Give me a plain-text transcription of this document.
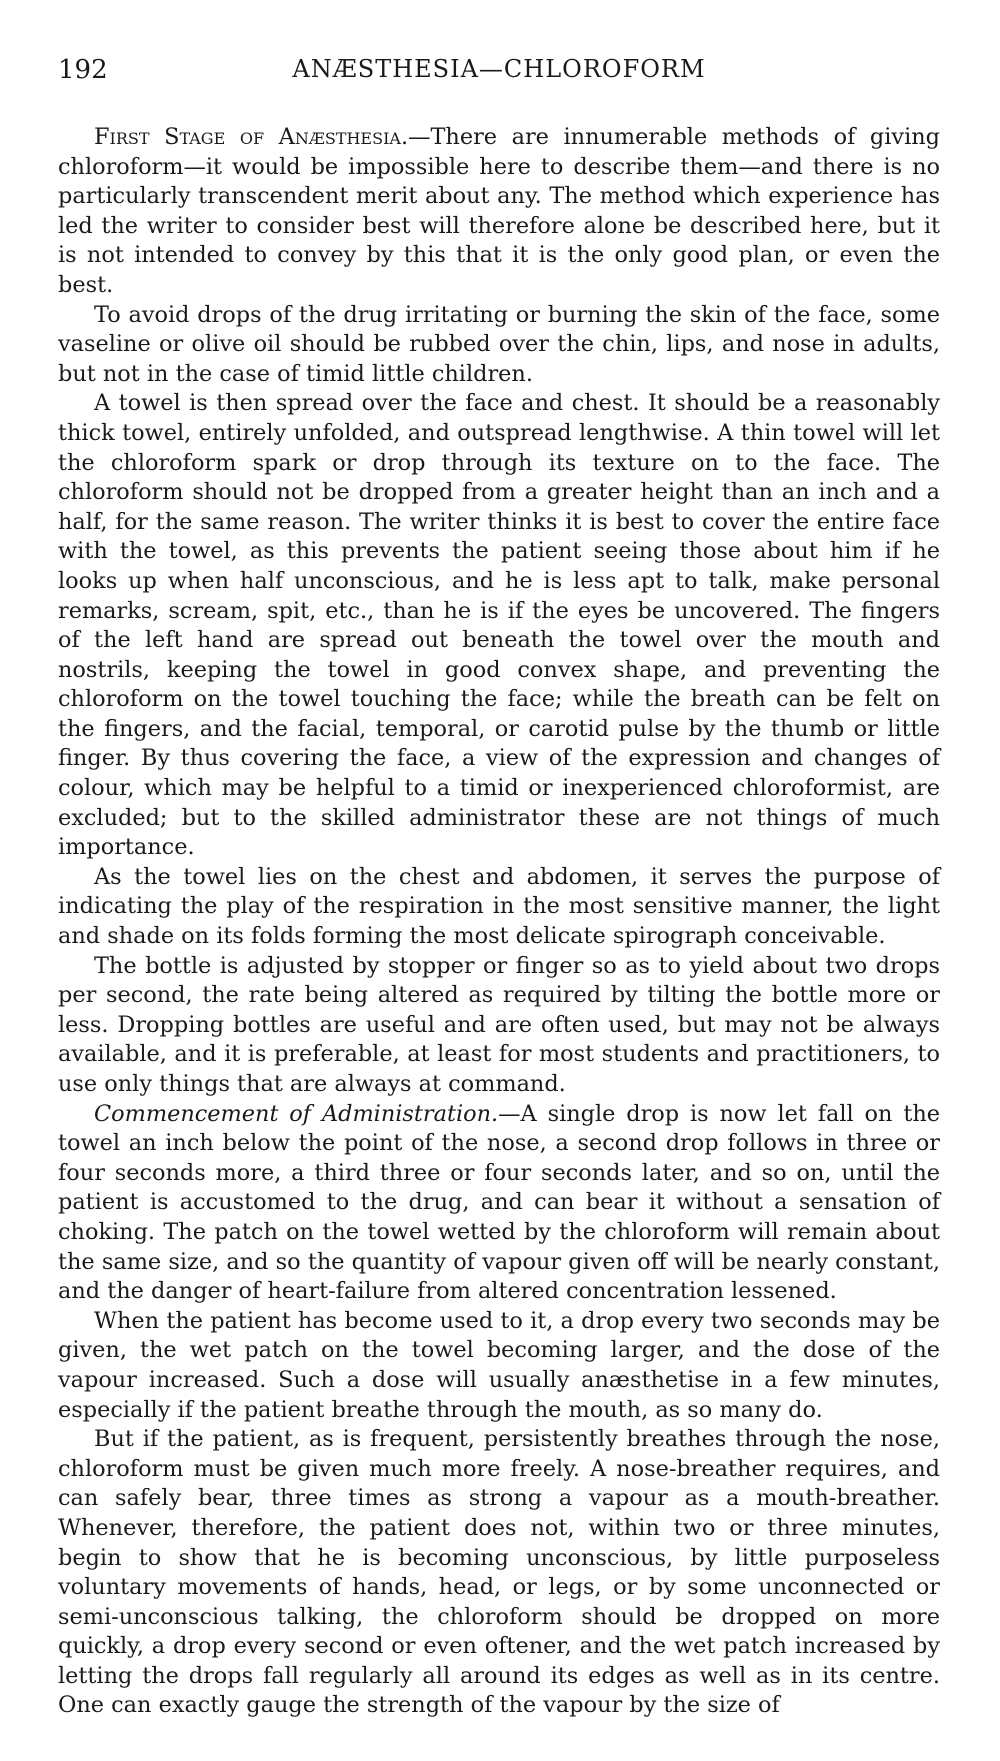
192	ANÆSTHESIA—CHLOROFORM

First Stage of Anæsthesia.—There are innumerable methods of giving chloroform—it would be impossible here to describe them—and there is no particularly transcendent merit about any. The method which experience has led the writer to consider best will therefore alone be described here, but it is not intended to convey by this that it is the only good plan, or even the best.

To avoid drops of the drug irritating or burning the skin of the face, some vaseline or olive oil should be rubbed over the chin, lips, and nose in adults, but not in the case of timid little children.

A towel is then spread over the face and chest. It should be a reasonably thick towel, entirely unfolded, and outspread lengthwise. A thin towel will let the chloroform spark or drop through its texture on to the face. The chloroform should not be dropped from a greater height than an inch and a half, for the same reason. The writer thinks it is best to cover the entire face with the towel, as this prevents the patient seeing those about him if he looks up when half unconscious, and he is less apt to talk, make personal remarks, scream, spit, etc., than he is if the eyes be uncovered. The fingers of the left hand are spread out beneath the towel over the mouth and nostrils, keeping the towel in good convex shape, and preventing the chloroform on the towel touching the face; while the breath can be felt on the fingers, and the facial, temporal, or carotid pulse by the thumb or little finger. By thus covering the face, a view of the expression and changes of colour, which may be helpful to a timid or inexperienced chloroformist, are excluded; but to the skilled administrator these are not things of much importance.

As the towel lies on the chest and abdomen, it serves the purpose of indicating the play of the respiration in the most sensitive manner, the light and shade on its folds forming the most delicate spirograph conceivable.

The bottle is adjusted by stopper or finger so as to yield about two drops per second, the rate being altered as required by tilting the bottle more or less. Dropping bottles are useful and are often used, but may not be always available, and it is preferable, at least for most students and practitioners, to use only things that are always at command.

Commencement of Administration.—A single drop is now let fall on the towel an inch below the point of the nose, a second drop follows in three or four seconds more, a third three or four seconds later, and so on, until the patient is accustomed to the drug, and can bear it without a sensation of choking. The patch on the towel wetted by the chloroform will remain about the same size, and so the quantity of vapour given off will be nearly constant, and the danger of heart-failure from altered concentration lessened.

When the patient has become used to it, a drop every two seconds may be given, the wet patch on the towel becoming larger, and the dose of the vapour increased. Such a dose will usually anæsthetise in a few minutes, especially if the patient breathe through the mouth, as so many do.

But if the patient, as is frequent, persistently breathes through the nose, chloroform must be given much more freely. A nose-breather requires, and can safely bear, three times as strong a vapour as a mouth-breather. Whenever, therefore, the patient does not, within two or three minutes, begin to show that he is becoming unconscious, by little purposeless voluntary movements of hands, head, or legs, or by some unconnected or semi-unconscious talking, the chloroform should be dropped on more quickly, a drop every second or even oftener, and the wet patch increased by letting the drops fall regularly all around its edges as well as in its centre. One can exactly gauge the strength of the vapour by the size of
